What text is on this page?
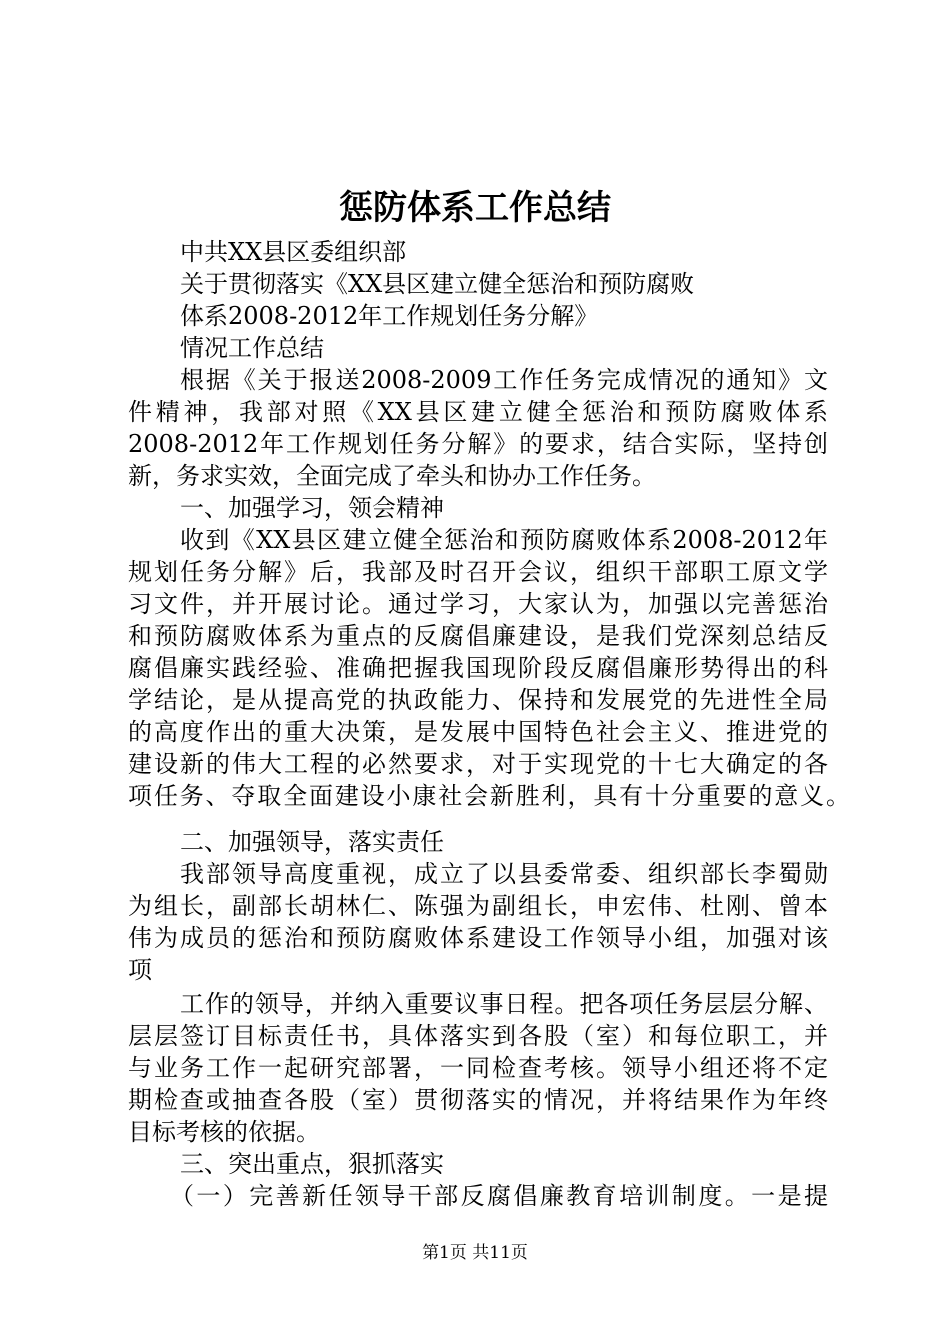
惩防体系工作总结
中共XX县区委组织部
关于贯彻落实《XX县区建立健全惩治和预防腐败
体系2008-2012年工作规划任务分解》
情况工作总结
根据《关于报送2008-2009工作任务完成情况的通知》文
件精神，我部对照《XX县区建立健全惩治和预防腐败体系
2008-2012年工作规划任务分解》的要求，结合实际，坚持创
新，务求实效，全面完成了牵头和协办工作任务。
一、加强学习，领会精神
收到《XX县区建立健全惩治和预防腐败体系2008-2012年
规划任务分解》后，我部及时召开会议，组织干部职工原文学
习文件，并开展讨论。通过学习，大家认为，加强以完善惩治
和预防腐败体系为重点的反腐倡廉建设，是我们党深刻总结反
腐倡廉实践经验、准确把握我国现阶段反腐倡廉形势得出的科
学结论，是从提高党的执政能力、保持和发展党的先进性全局
的高度作出的重大决策，是发展中国特色社会主义、推进党的
建设新的伟大工程的必然要求，对于实现党的十七大确定的各
项任务、夺取全面建设小康社会新胜利，具有十分重要的意义。
二、加强领导，落实责任
我部领导高度重视，成立了以县委常委、组织部长李蜀勋
为组长，副部长胡林仁、陈强为副组长，申宏伟、杜刚、曾本
伟为成员的惩治和预防腐败体系建设工作领导小组，加强对该
项
工作的领导，并纳入重要议事日程。把各项任务层层分解、
层层签订目标责任书，具体落实到各股（室）和每位职工，并
与业务工作一起研究部署，一同检查考核。领导小组还将不定
期检查或抽查各股（室）贯彻落实的情况，并将结果作为年终
目标考核的依据。
三、突出重点，狠抓落实
（一）完善新任领导干部反腐倡廉教育培训制度。一是提
第1页 共11页
